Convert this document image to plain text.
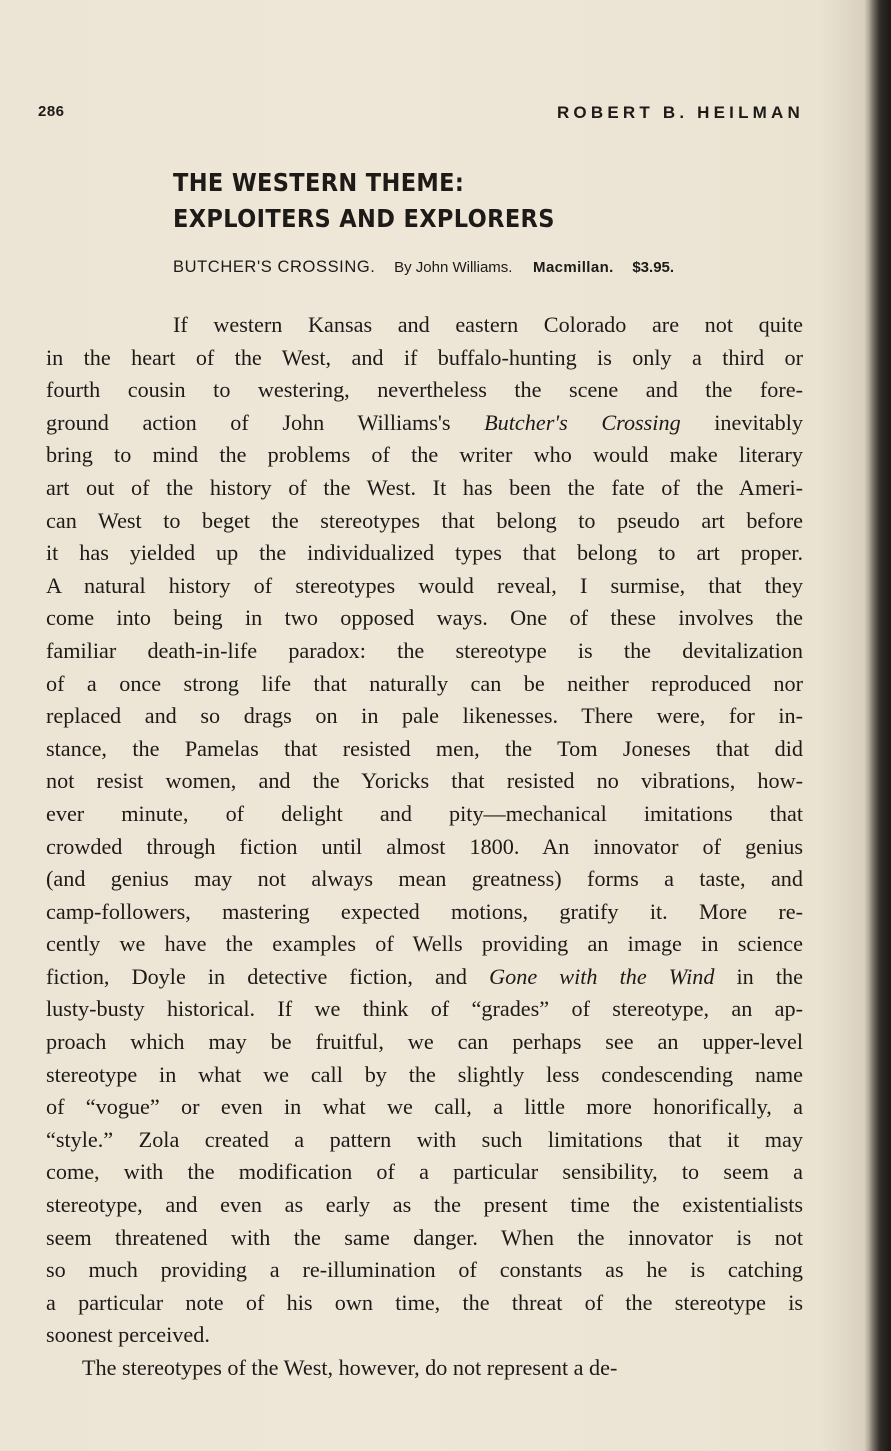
286	ROBERT B. HEILMAN
THE WESTERN THEME:
EXPLOITERS AND EXPLORERS
BUTCHER'S CROSSING. By John Williams. Macmillan. $3.95.
If western Kansas and eastern Colorado are not quite
in the heart of the West, and if buffalo-hunting is only a third or
fourth cousin to westering, nevertheless the scene and the fore-
ground action of John Williams's Butcher's Crossing inevitably
bring to mind the problems of the writer who would make literary
art out of the history of the West. It has been the fate of the Ameri-
can West to beget the stereotypes that belong to pseudo art before
it has yielded up the individualized types that belong to art proper.
A natural history of stereotypes would reveal, I surmise, that they
come into being in two opposed ways. One of these involves the
familiar death-in-life paradox: the stereotype is the devitalization
of a once strong life that naturally can be neither reproduced nor
replaced and so drags on in pale likenesses. There were, for in-
stance, the Pamelas that resisted men, the Tom Joneses that did
not resist women, and the Yoricks that resisted no vibrations, how-
ever minute, of delight and pity—mechanical imitations that
crowded through fiction until almost 1800. An innovator of genius
(and genius may not always mean greatness) forms a taste, and
camp-followers, mastering expected motions, gratify it. More re-
cently we have the examples of Wells providing an image in science
fiction, Doyle in detective fiction, and Gone with the Wind in the
lusty-busty historical. If we think of “grades” of stereotype, an ap-
proach which may be fruitful, we can perhaps see an upper-level
stereotype in what we call by the slightly less condescending name
of “vogue” or even in what we call, a little more honorifically, a
“style.” Zola created a pattern with such limitations that it may
come, with the modification of a particular sensibility, to seem a
stereotype, and even as early as the present time the existentialists
seem threatened with the same danger. When the innovator is not
so much providing a re-illumination of constants as he is catching
a particular note of his own time, the threat of the stereotype is
soonest perceived.
The stereotypes of the West, however, do not represent a de-
